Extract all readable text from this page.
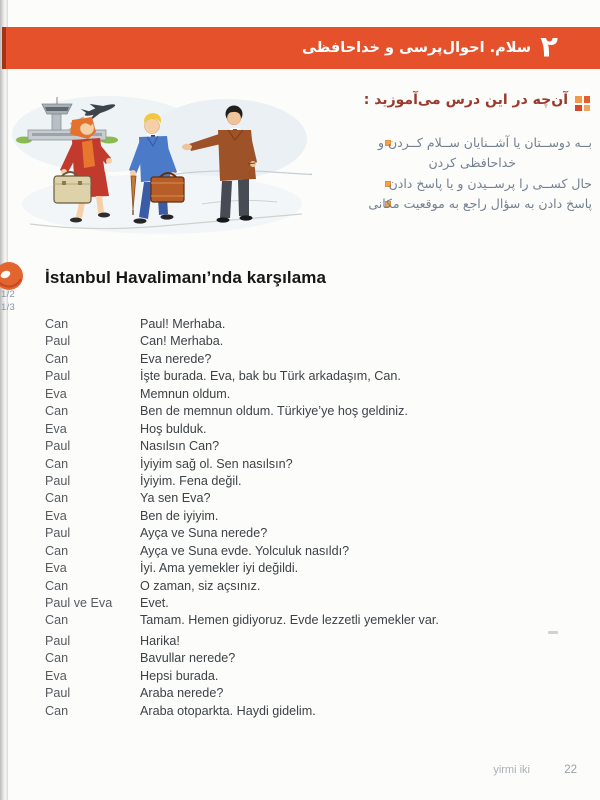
۲
سلام. احوال‌پرسی و خداحافظی
آن‌چه در این درس می‌آموزید :
بــه دوســتان یا آشــنایان ســلام کــردن و
خداحافظی کردن
حال کســی را پرســیدن و یا پاسخ دادن
پاسخ دادن به سؤال راجع به موقعیت مکانی
1/2
1/3
İstanbul Havalimanı’nda karşılama
Can	Paul! Merhaba.
Paul	Can! Merhaba.
Can	Eva nerede?
Paul	İşte burada. Eva, bak bu Türk arkadaşım, Can.
Eva	Memnun oldum.
Can	Ben de memnun oldum. Türkiye’ye hoş geldiniz.
Eva	Hoş bulduk.
Paul	Nasılsın Can?
Can	İyiyim sağ ol. Sen nasılsın?
Paul	İyiyim. Fena değil.
Can	Ya sen Eva?
Eva	Ben de iyiyim.
Paul	Ayça ve Suna nerede?
Can	Ayça ve Suna evde. Yolculuk nasıldı?
Eva	İyi. Ama yemekler iyi değildi.
Can	O zaman, siz açsınız.
Paul ve Eva	Evet.
Can	Tamam. Hemen gidiyoruz. Evde lezzetli yemekler var.
Paul	Harika!
Can	Bavullar nerede?
Eva	Hepsi burada.
Paul	Araba nerede?
Can	Araba otoparkta. Haydi gidelim.
yirmi iki	22
